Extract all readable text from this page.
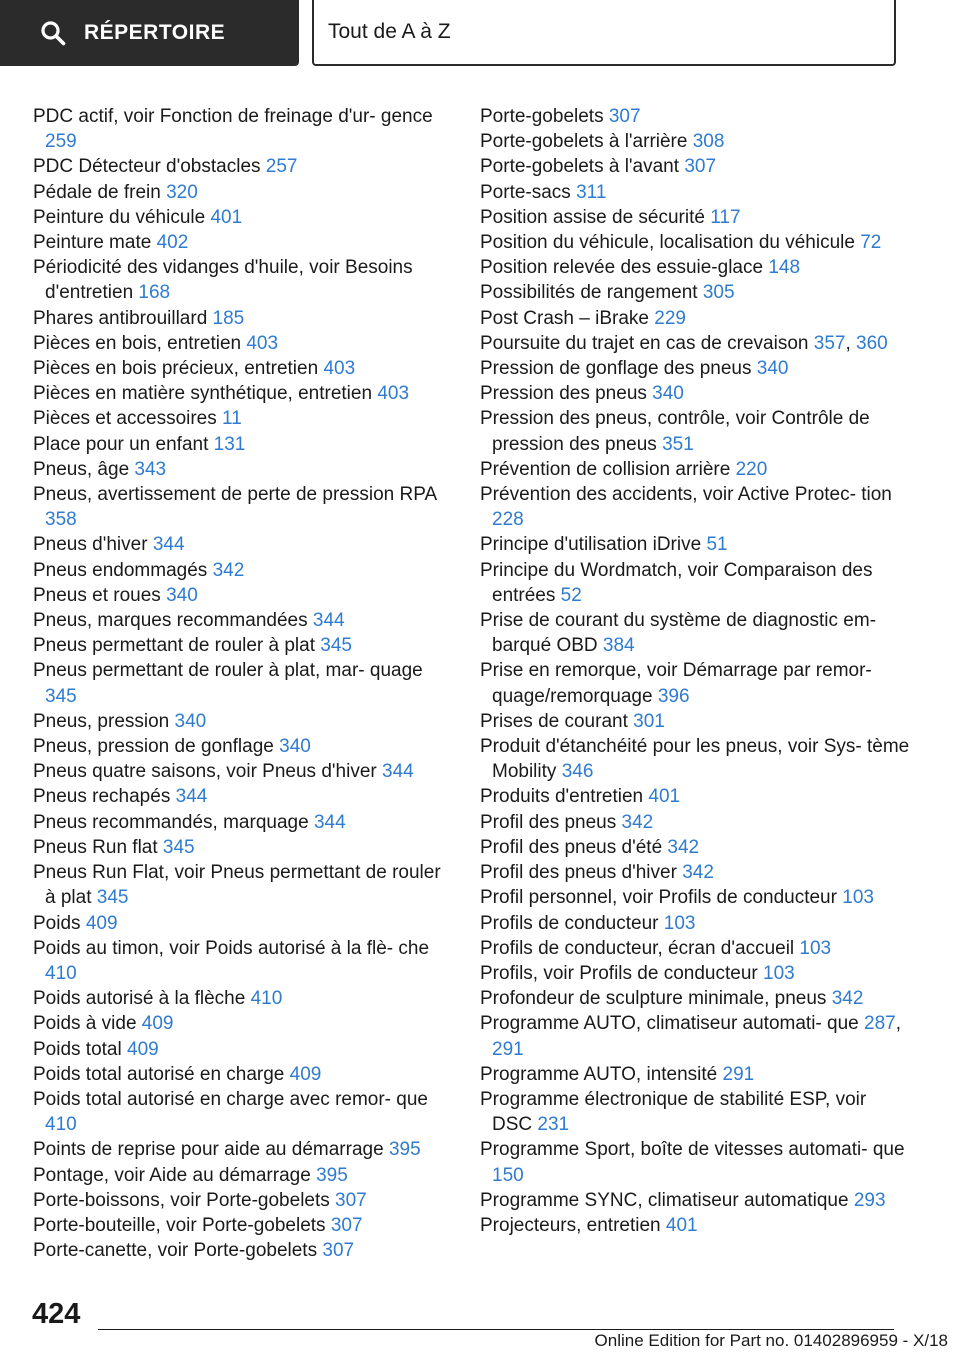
RÉPERTOIRE	Tout de A à Z
PDC actif, voir Fonction de freinage d'ur‐ gence 259
PDC Détecteur d'obstacles 257
Pédale de frein 320
Peinture du véhicule 401
Peinture mate 402
Périodicité des vidanges d'huile, voir Besoins d'entretien 168
Phares antibrouillard 185
Pièces en bois, entretien 403
Pièces en bois précieux, entretien 403
Pièces en matière synthétique, entretien 403
Pièces et accessoires 11
Place pour un enfant 131
Pneus, âge 343
Pneus, avertissement de perte de pression RPA 358
Pneus d'hiver 344
Pneus endommagés 342
Pneus et roues 340
Pneus, marques recommandées 344
Pneus permettant de rouler à plat 345
Pneus permettant de rouler à plat, mar‐ quage 345
Pneus, pression 340
Pneus, pression de gonflage 340
Pneus quatre saisons, voir Pneus d'hiver 344
Pneus rechapés 344
Pneus recommandés, marquage 344
Pneus Run flat 345
Pneus Run Flat, voir Pneus permettant de rouler à plat 345
Poids 409
Poids au timon, voir Poids autorisé à la flè‐ che 410
Poids autorisé à la flèche 410
Poids à vide 409
Poids total 409
Poids total autorisé en charge 409
Poids total autorisé en charge avec remor‐ que 410
Points de reprise pour aide au démarrage 395
Pontage, voir Aide au démarrage 395
Porte-boissons, voir Porte-gobelets 307
Porte-bouteille, voir Porte-gobelets 307
Porte-canette, voir Porte-gobelets 307
Porte-gobelets 307
Porte-gobelets à l'arrière 308
Porte-gobelets à l'avant 307
Porte-sacs 311
Position assise de sécurité 117
Position du véhicule, localisation du véhicule 72
Position relevée des essuie-glace 148
Possibilités de rangement 305
Post Crash – iBrake 229
Poursuite du trajet en cas de crevaison 357, 360
Pression de gonflage des pneus 340
Pression des pneus 340
Pression des pneus, contrôle, voir Contrôle de pression des pneus 351
Prévention de collision arrière 220
Prévention des accidents, voir Active Protec‐ tion 228
Principe d'utilisation iDrive 51
Principe du Wordmatch, voir Comparaison des entrées 52
Prise de courant du système de diagnostic em‐ barqué OBD 384
Prise en remorque, voir Démarrage par remor‐ quage/remorquage 396
Prises de courant 301
Produit d'étanchéité pour les pneus, voir Sys‐ tème Mobility 346
Produits d'entretien 401
Profil des pneus 342
Profil des pneus d'été 342
Profil des pneus d'hiver 342
Profil personnel, voir Profils de conducteur 103
Profils de conducteur 103
Profils de conducteur, écran d'accueil 103
Profils, voir Profils de conducteur 103
Profondeur de sculpture minimale, pneus 342
Programme AUTO, climatiseur automati‐ que 287, 291
Programme AUTO, intensité 291
Programme électronique de stabilité ESP, voir DSC 231
Programme Sport, boîte de vitesses automati‐ que 150
Programme SYNC, climatiseur automatique 293
Projecteurs, entretien 401
424
Online Edition for Part no. 01402896959 - X/18
